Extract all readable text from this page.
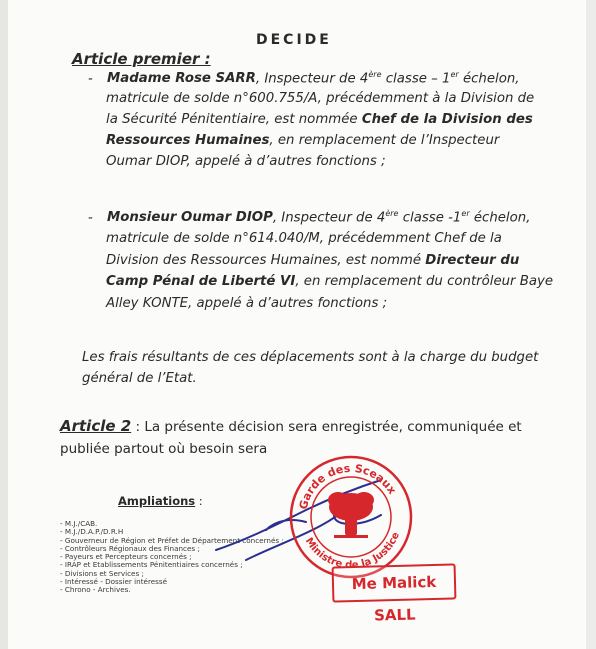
DECIDE
Article premier :
- Madame Rose SARR, Inspecteur de 4ère classe – 1er échelon,
matricule de solde n°600.755/A, précédemment à la Division de
la Sécurité Pénitentiaire, est nommée Chef de la Division des
Ressources Humaines, en remplacement de l’Inspecteur
Oumar DIOP, appelé à d’autres fonctions ;
- Monsieur Oumar DIOP, Inspecteur de 4ère classe -1er échelon,
matricule de solde n°614.040/M, précédemment Chef de la
Division des Ressources Humaines, est nommé Directeur du
Camp Pénal de Liberté VI, en remplacement du contrôleur Baye
Alley KONTE, appelé à d’autres fonctions ;
Les frais résultants de ces déplacements sont à la charge du budget
général de l’Etat.
Article 2 : La présente décision sera enregistrée, communiquée et
publiée partout où besoin sera
Ampliations :
- M.J./CAB.
- M.J./D.A.P./D.R.H
- Gouverneur de Région et Préfet de Département concernés ;
- Contrôleurs Régionaux des Finances ;
- Payeurs et Percepteurs concernés ;
- IRAP et Etablissements Pénitentiaires concernés ;
- Divisions et Services ;
- Intéressé - Dossier intéressé
- Chrono - Archives.
Garde des Sceaux
Ministre de la Justice
Me Malick SALL
